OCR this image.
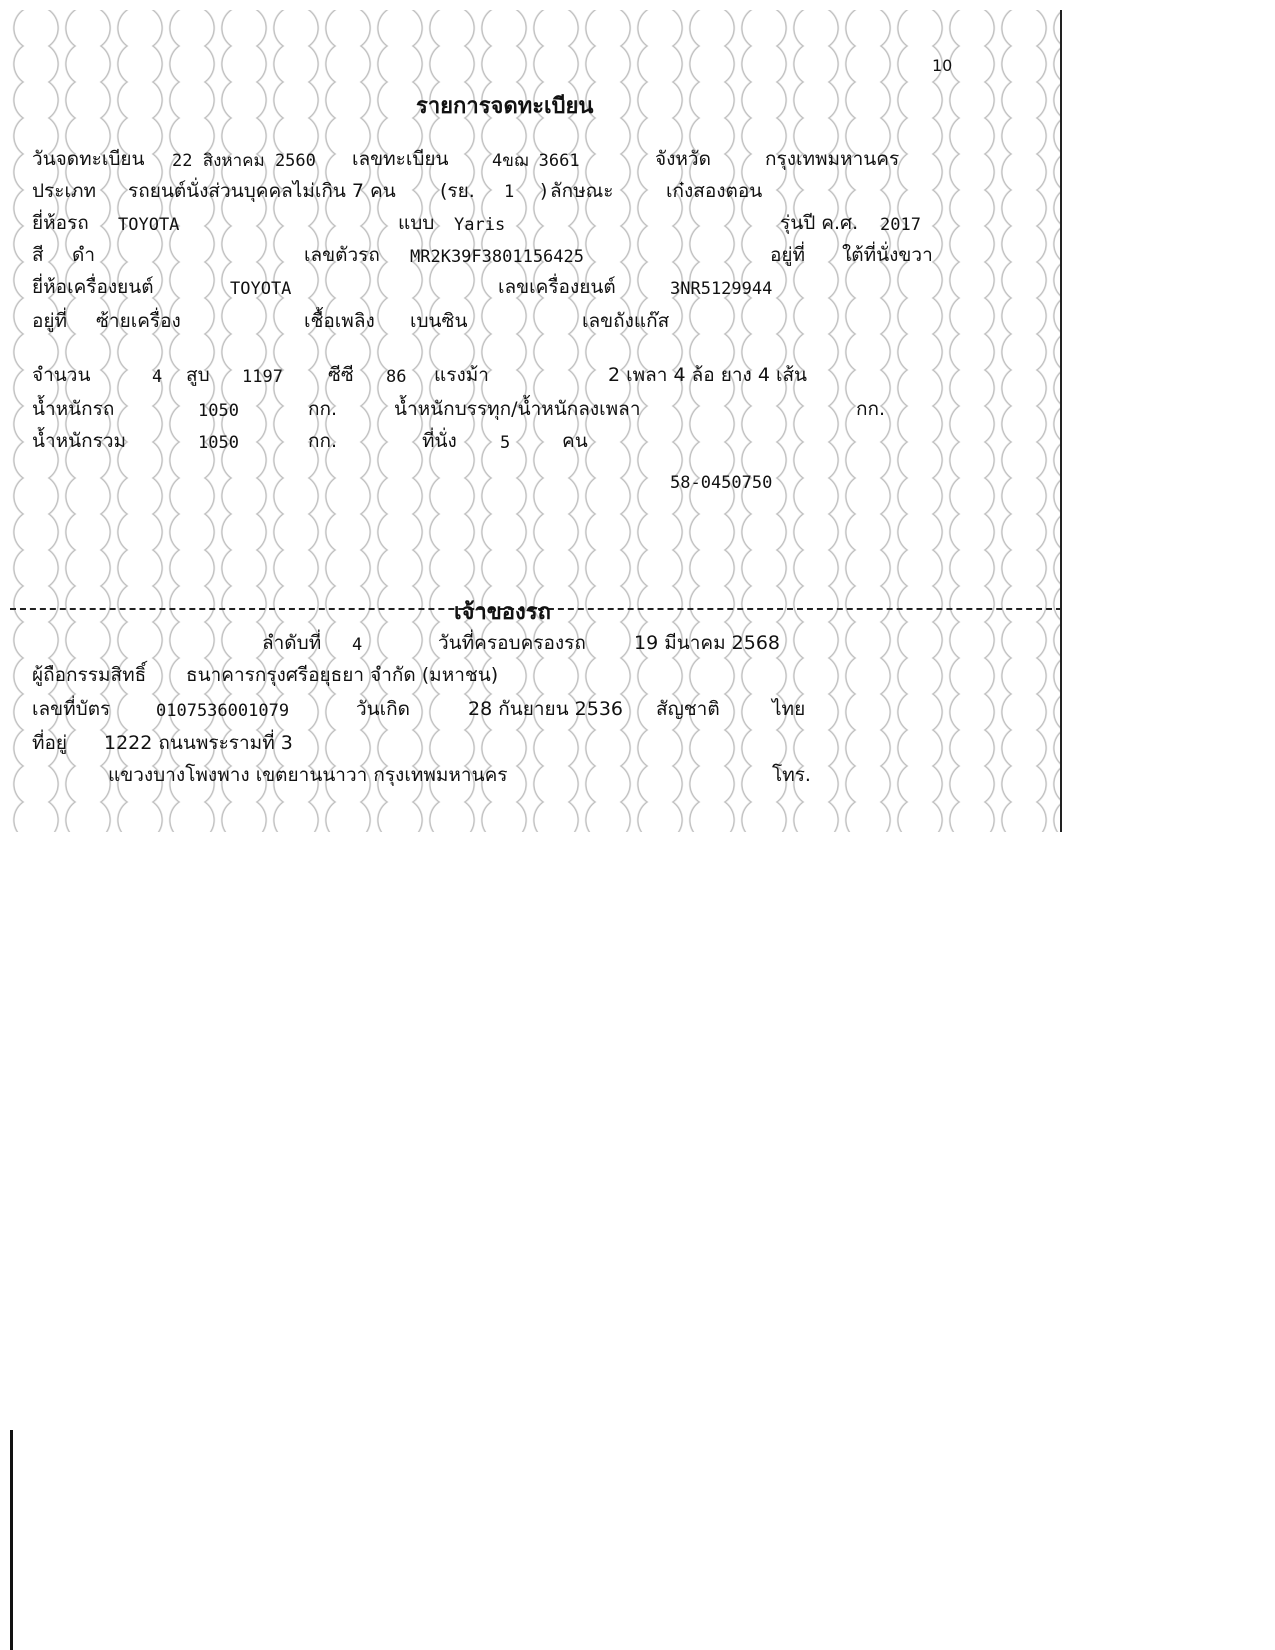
10
รายการจดทะเบียน
วันจดทะเบียน 22 สิงหาคม 2560 เลขทะเบียน	4ขฌ 3661	จังหวัด	กรุงเทพมหานคร
ประเภท รถยนต์นั่งส่วนบุคคลไม่เกิน 7 คน (รย. 1 ) ลักษณะ	เก๋งสองตอน
ยี่ห้อรถ TOYOTA	แบบ Yaris	รุ่นปี ค.ศ. 2017
สี ดำ	เลขตัวรถ MR2K39F3801156425	อยู่ที่ ใต้ที่นั่งขวา
ยี่ห้อเครื่องยนต์	TOYOTA	เลขเครื่องยนต์	3NR5129944
อยู่ที่ ซ้ายเครื่อง	เชื้อเพลิง เบนซิน	เลขถังแก๊ส
จำนวน	4 สูบ 1197 ซีซี 86 แรงม้า	2 เพลา 4 ล้อ ยาง 4 เส้น
น้ำหนักรถ	1050	กก.	น้ำหนักบรรทุก/น้ำหนักลงเพลา	กก.
น้ำหนักรวม	1050	กก.	ที่นั่ง	5	คน
58-0450750
เจ้าของรถ
ลำดับที่ 4	วันที่ครอบครองรถ	19 มีนาคม 2568
ผู้ถือกรรมสิทธิ์ ธนาคารกรุงศรีอยุธยา จำกัด (มหาชน)
เลขที่บัตร	0107536001079	วันเกิด	28 กันยายน 2536 สัญชาติ	ไทย
ที่อยู่ 1222 ถนนพระรามที่ 3
แขวงบางโพงพาง เขตยานนาวา กรุงเทพมหานคร	โทร.
